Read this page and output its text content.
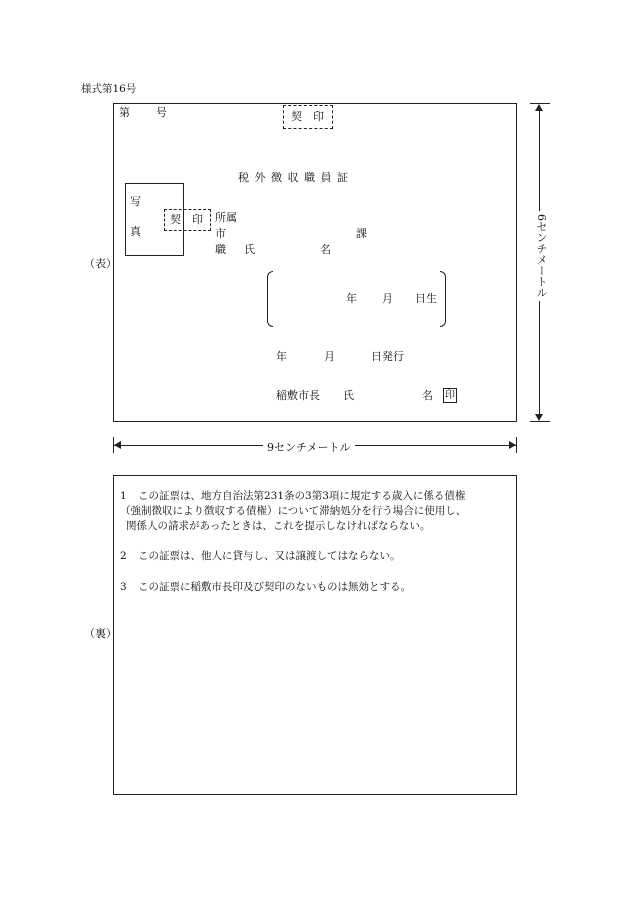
様式第16号
（表）
（裏）
第 号	契　印
税 外 徴 収 職 員 証
写
真
契　印 所属
市	課
職 氏	名
年 月 日生
年	月	日発行
稲敷市長 氏	名 印
6センチメートル
9センチメートル
1 この証票は、地方自治法第231条の3第3項に規定する歳入に係る債権
（強制徴収により徴収する債権）について滞納処分を行う場合に使用し、
関係人の請求があったときは、これを提示しなければならない。
2 この証票は、他人に貸与し、又は譲渡してはならない。
3 この証票に稲敷市長印及び契印のないものは無効とする。
